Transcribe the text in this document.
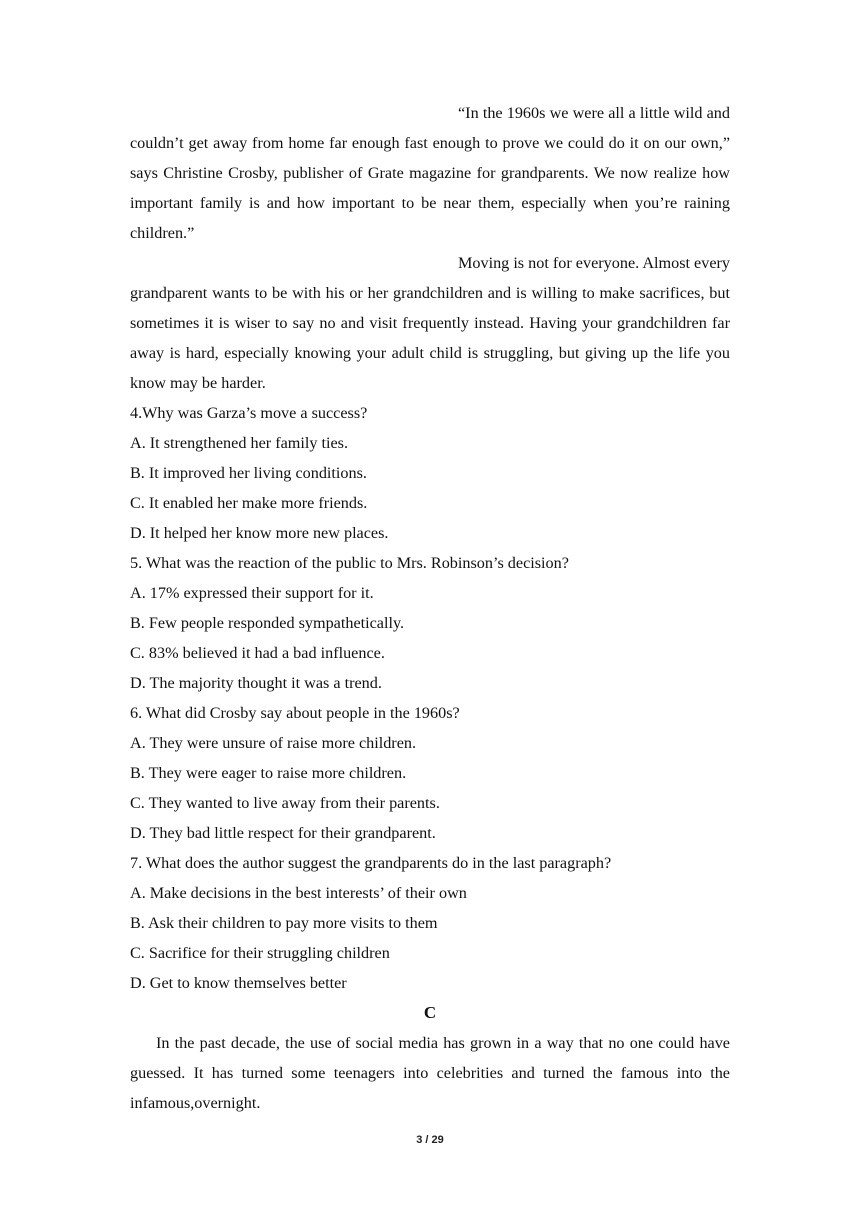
“In the 1960s we were all a little wild and couldn’t get away from home far enough fast enough to prove we could do it on our own,” says Christine Crosby, publisher of Grate magazine for grandparents. We now realize how important family is and how important to be near them, especially when you’re raining children.”

Moving is not for everyone. Almost every grandparent wants to be with his or her grandchildren and is willing to make sacrifices, but sometimes it is wiser to say no and visit frequently instead. Having your grandchildren far away is hard, especially knowing your adult child is struggling, but giving up the life you know may be harder.

4.Why was Garza’s move a success?

A. It strengthened her family ties.

B. It improved her living conditions.

C. It enabled her make more friends.

D. It helped her know more new places.

5. What was the reaction of the public to Mrs. Robinson’s decision?

A. 17% expressed their support for it.

B. Few people responded sympathetically.

C. 83% believed it had a bad influence.

D. The majority thought it was a trend.

6. What did Crosby say about people in the 1960s?

A. They were unsure of raise more children.

B. They were eager to raise more children.

C. They wanted to live away from their parents.

D. They bad little respect for their grandparent.

7. What does the author suggest the grandparents do in the last paragraph?

A. Make decisions in the best interests’ of their own

B. Ask their children to pay more visits to them

C. Sacrifice for their struggling children

D. Get to know themselves better

C

In the past decade, the use of social media has grown in a way that no one could have guessed. It has turned some teenagers into celebrities and turned the famous into the infamous,overnight.

3 / 29
